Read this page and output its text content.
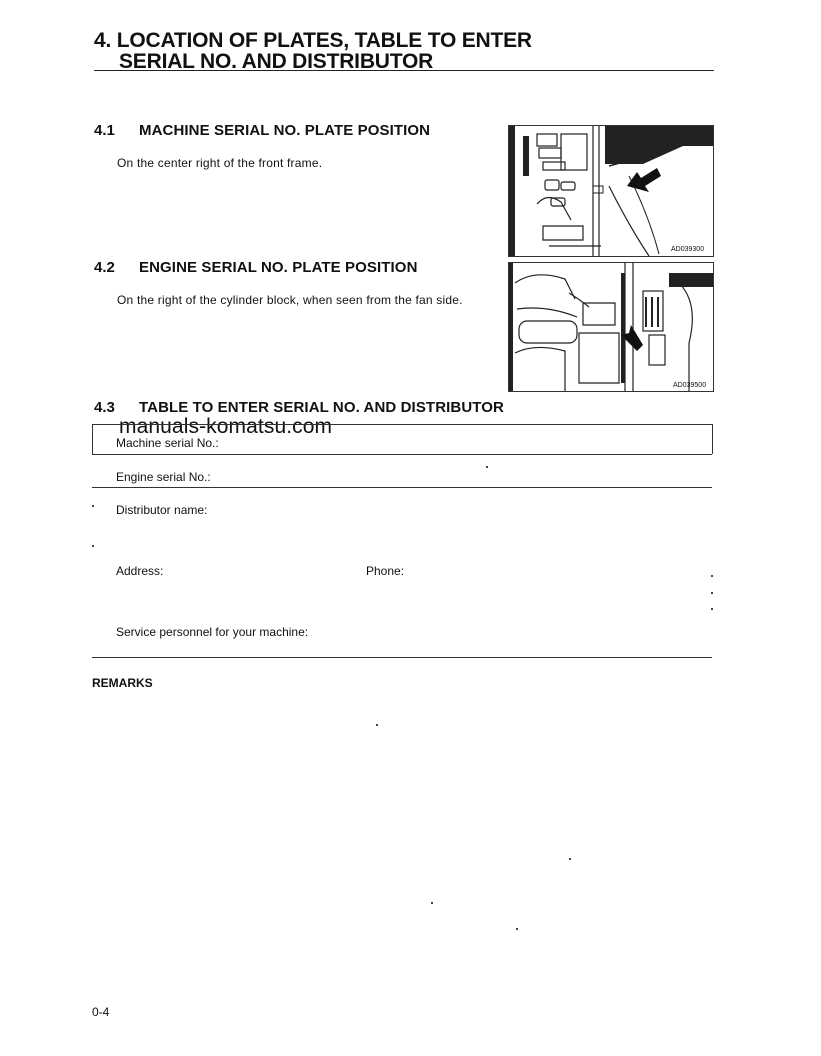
4. LOCATION OF PLATES, TABLE TO ENTER
SERIAL NO. AND DISTRIBUTOR
4.1 MACHINE SERIAL NO. PLATE POSITION
On the center right of the front frame.
AD039300
4.2 ENGINE SERIAL NO. PLATE POSITION
On the right of the cylinder block, when seen from the fan side.
AD039500
4.3 TABLE TO ENTER SERIAL NO. AND DISTRIBUTOR
manuals-komatsu.com
Machine serial No.:
Engine serial No.:
Distributor name:
Address:	Phone:
Service personnel for your machine:
REMARKS
0-4
